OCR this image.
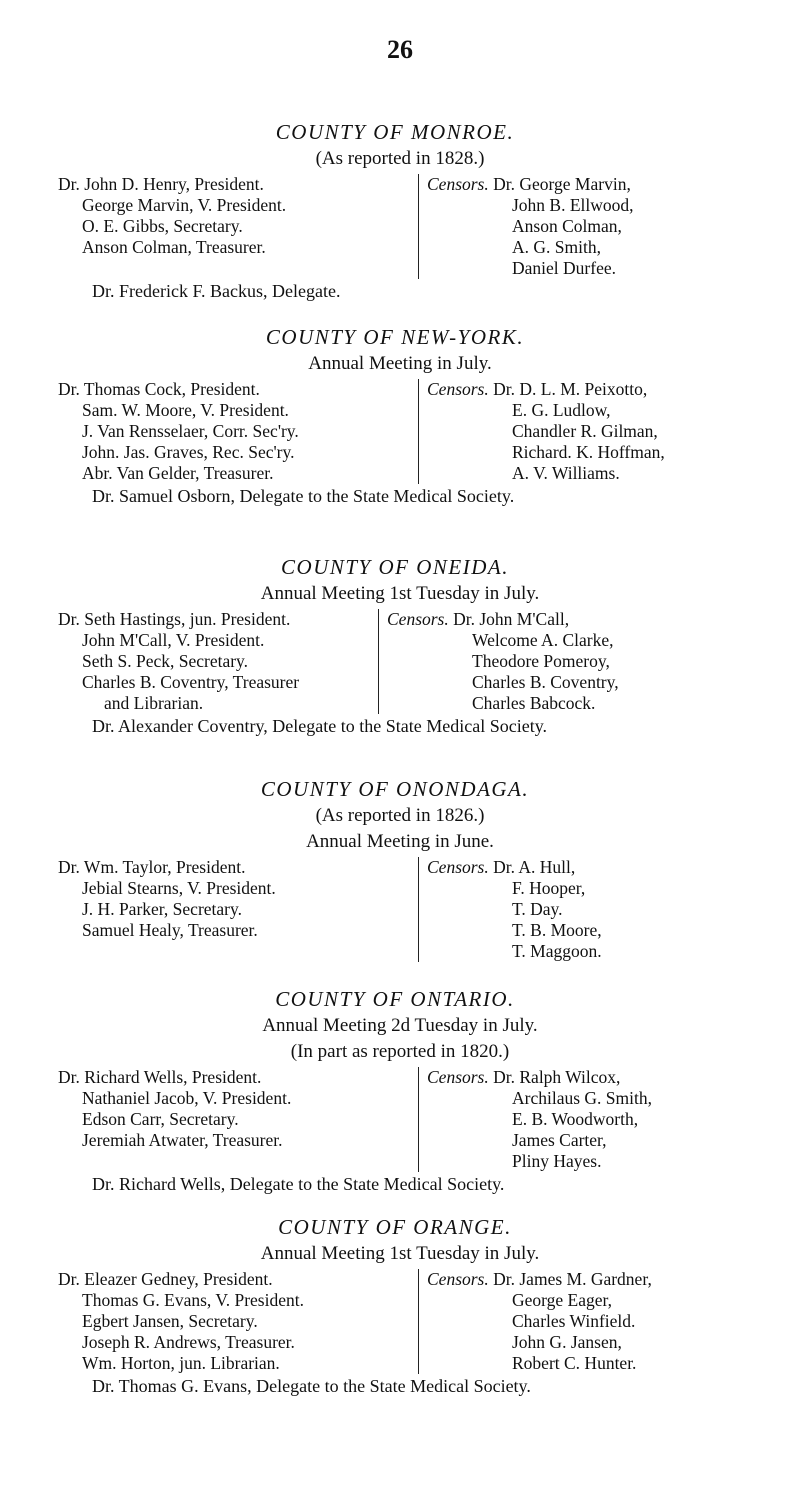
26
COUNTY OF MONROE.
(As reported in 1828.)
Dr. John D. Henry, President.
George Marvin, V. President.
O. E. Gibbs, Secretary.
Anson Colman, Treasurer.
Censors. Dr. George Marvin,
John B. Ellwood,
Anson Colman,
A. G. Smith,
Daniel Durfee.
Dr. Frederick F. Backus, Delegate.
COUNTY OF NEW-YORK.
Annual Meeting in July.
Dr. Thomas Cock, President.
Sam. W. Moore, V. President.
J. Van Rensselaer, Corr. Sec'ry.
John. Jas. Graves, Rec. Sec'ry.
Abr. Van Gelder, Treasurer.
Censors. Dr. D. L. M. Peixotto,
E. G. Ludlow,
Chandler R. Gilman,
Richard. K. Hoffman,
A. V. Williams.
Dr. Samuel Osborn, Delegate to the State Medical Society.
COUNTY OF ONEIDA.
Annual Meeting 1st Tuesday in July.
Dr. Seth Hastings, jun. President.
John M'Call, V. President.
Seth S. Peck, Secretary.
Charles B. Coventry, Treasurer
and Librarian.
Censors. Dr. John M'Call,
Welcome A. Clarke,
Theodore Pomeroy,
Charles B. Coventry,
Charles Babcock.
Dr. Alexander Coventry, Delegate to the State Medical Society.
COUNTY OF ONONDAGA.
(As reported in 1826.)
Annual Meeting in June.
Dr. Wm. Taylor, President.
Jebial Stearns, V. President.
J. H. Parker, Secretary.
Samuel Healy, Treasurer.
Censors. Dr. A. Hull,
F. Hooper,
T. Day.
T. B. Moore,
T. Maggoon.
COUNTY OF ONTARIO.
Annual Meeting 2d Tuesday in July.
(In part as reported in 1820.)
Dr. Richard Wells, President.
Nathaniel Jacob, V. President.
Edson Carr, Secretary.
Jeremiah Atwater, Treasurer.
Censors. Dr. Ralph Wilcox,
Archilaus G. Smith,
E. B. Woodworth,
James Carter,
Pliny Hayes.
Dr. Richard Wells, Delegate to the State Medical Society.
COUNTY OF ORANGE.
Annual Meeting 1st Tuesday in July.
Dr. Eleazer Gedney, President.
Thomas G. Evans, V. President.
Egbert Jansen, Secretary.
Joseph R. Andrews, Treasurer.
Wm. Horton, jun. Librarian.
Censors. Dr. James M. Gardner,
George Eager,
Charles Winfield.
John G. Jansen,
Robert C. Hunter.
Dr. Thomas G. Evans, Delegate to the State Medical Society.
